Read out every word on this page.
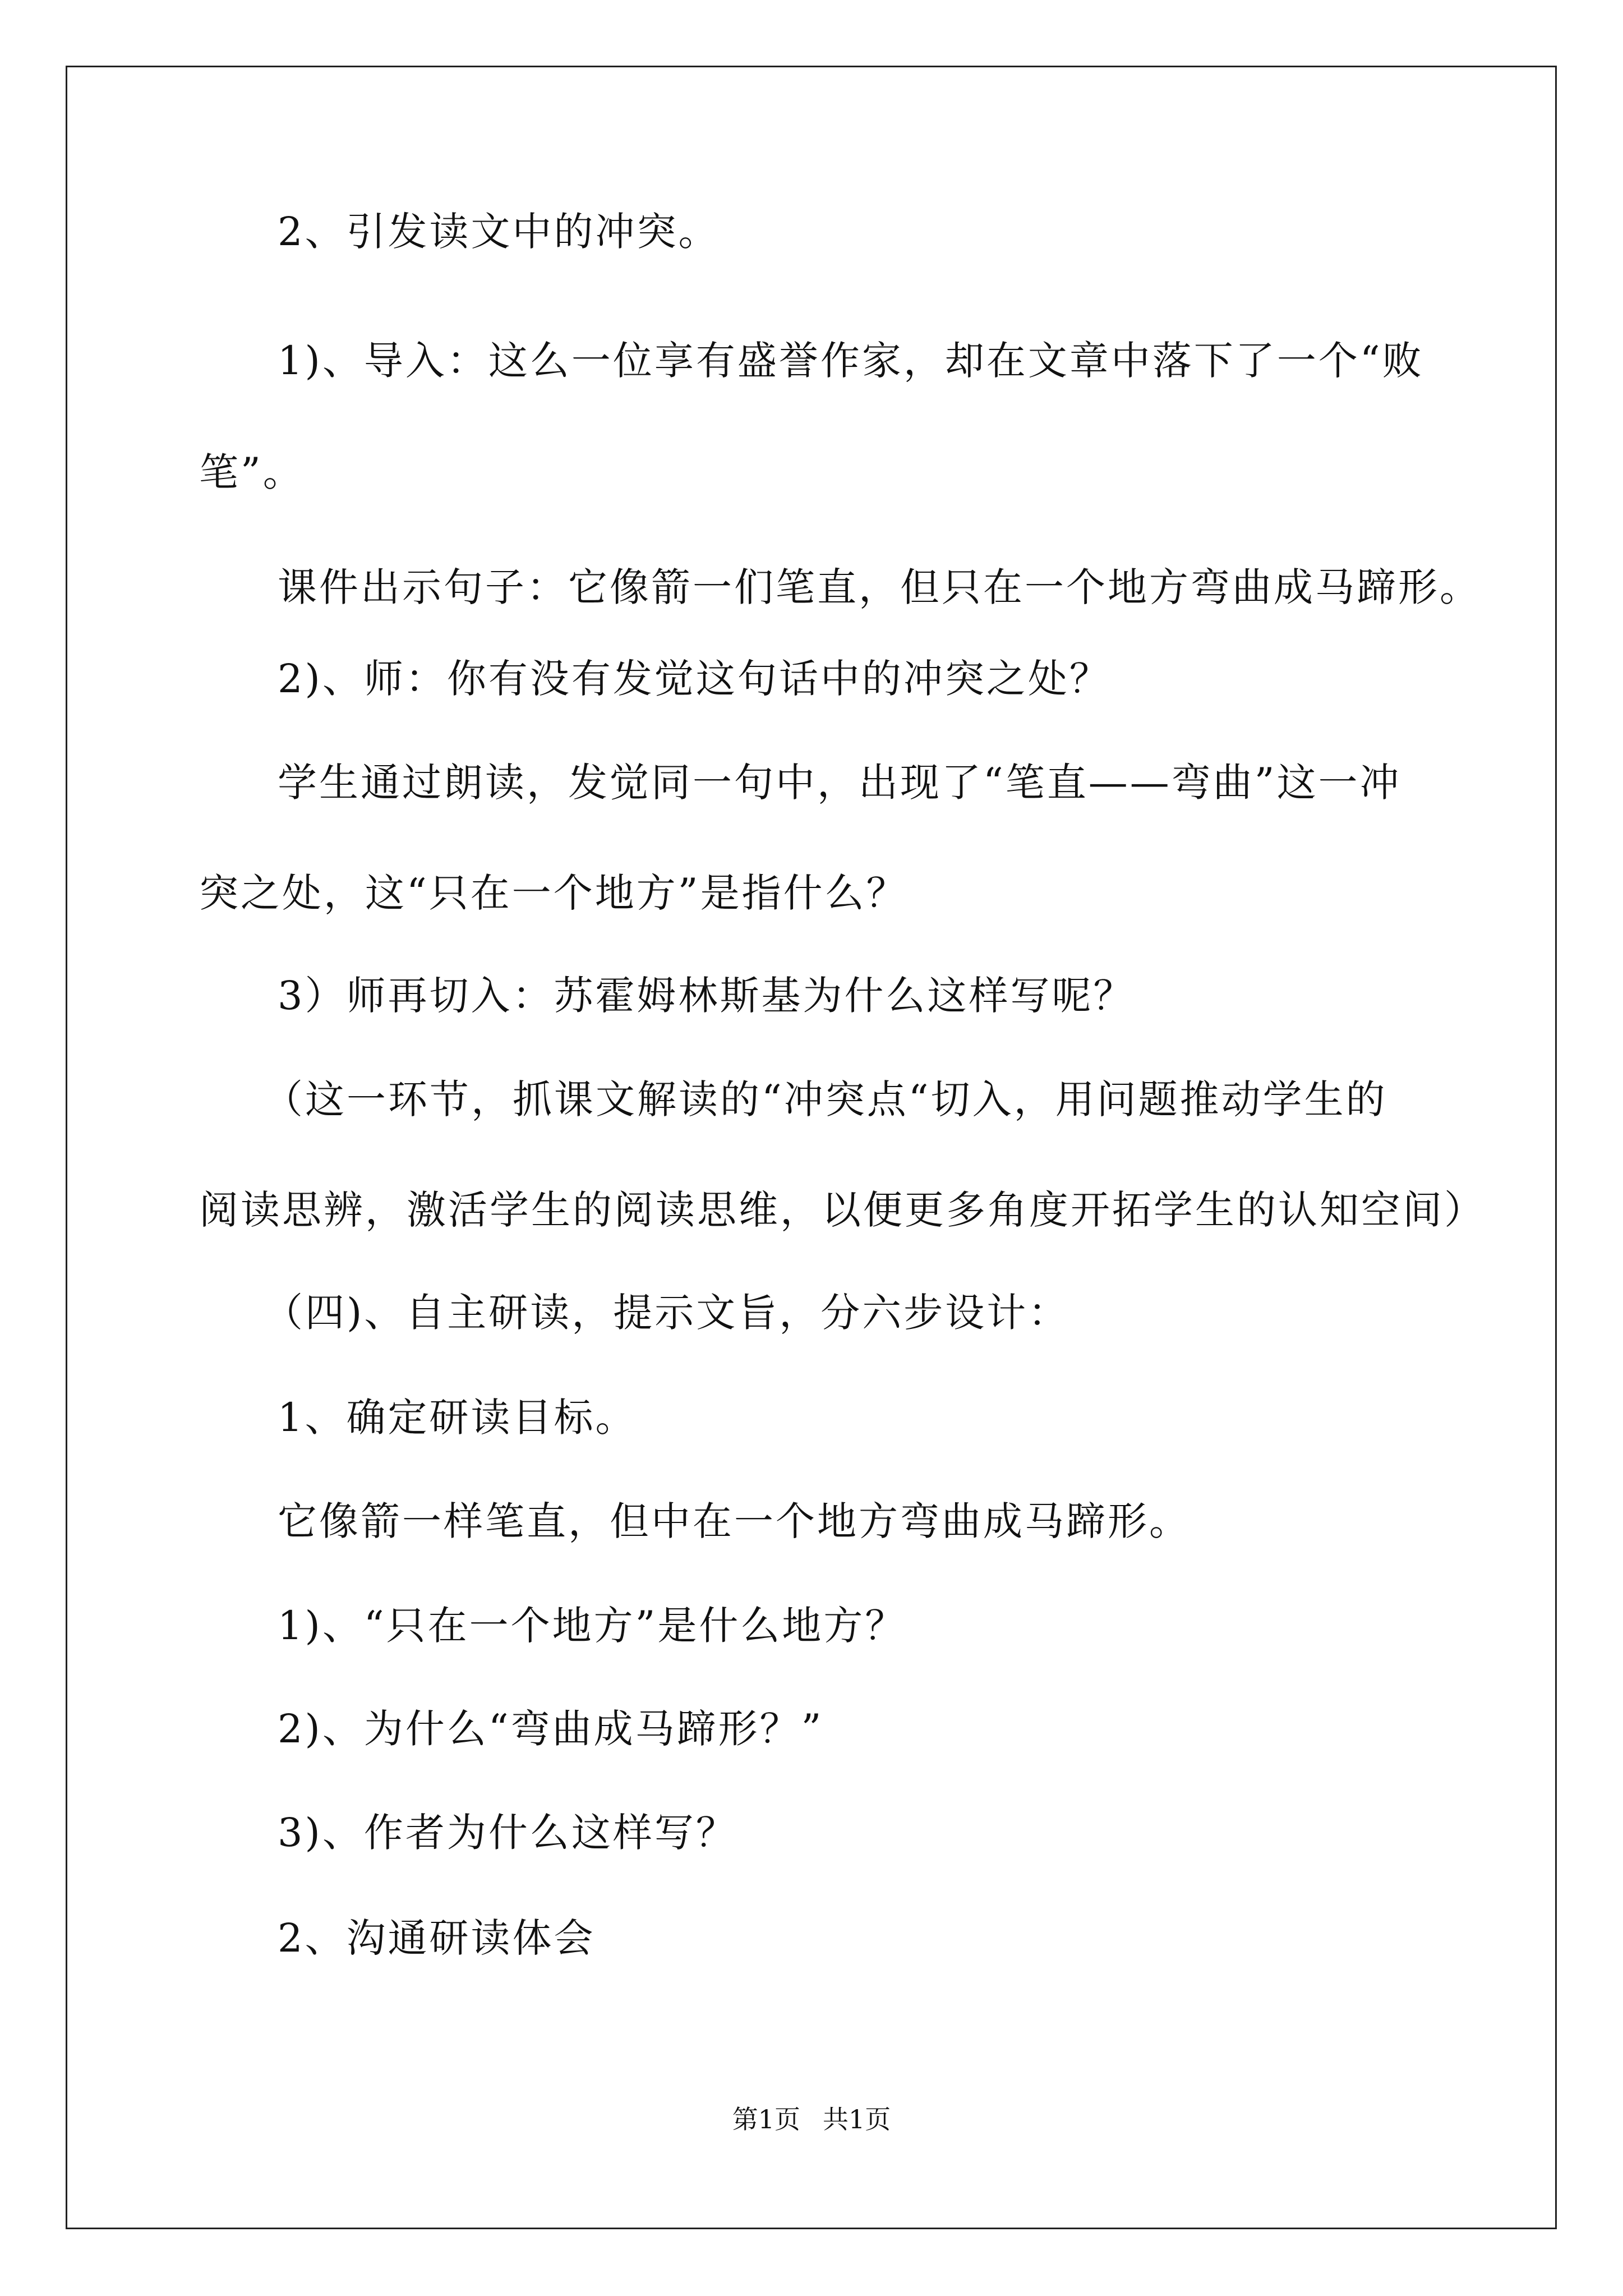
2、引发读文中的冲突。
1)、导入：这么一位享有盛誉作家，却在文章中落下了一个“败
笔”。
课件出示句子：它像箭一们笔直，但只在一个地方弯曲成马蹄形。
2)、师：你有没有发觉这句话中的冲突之处？
学生通过朗读，发觉同一句中，出现了“笔直——弯曲”这一冲
突之处，这“只在一个地方”是指什么？
3）师再切入：苏霍姆林斯基为什么这样写呢？
（这一环节，抓课文解读的“冲突点“切入，用问题推动学生的
阅读思辨，激活学生的阅读思维，以便更多角度开拓学生的认知空间）
（四)、自主研读，提示文旨，分六步设计：
1、确定研读目标。
它像箭一样笔直，但中在一个地方弯曲成马蹄形。
1)、“只在一个地方”是什么地方？
2)、为什么“弯曲成马蹄形？”
3)、作者为什么这样写？
2、沟通研读体会
第1页 共1页
